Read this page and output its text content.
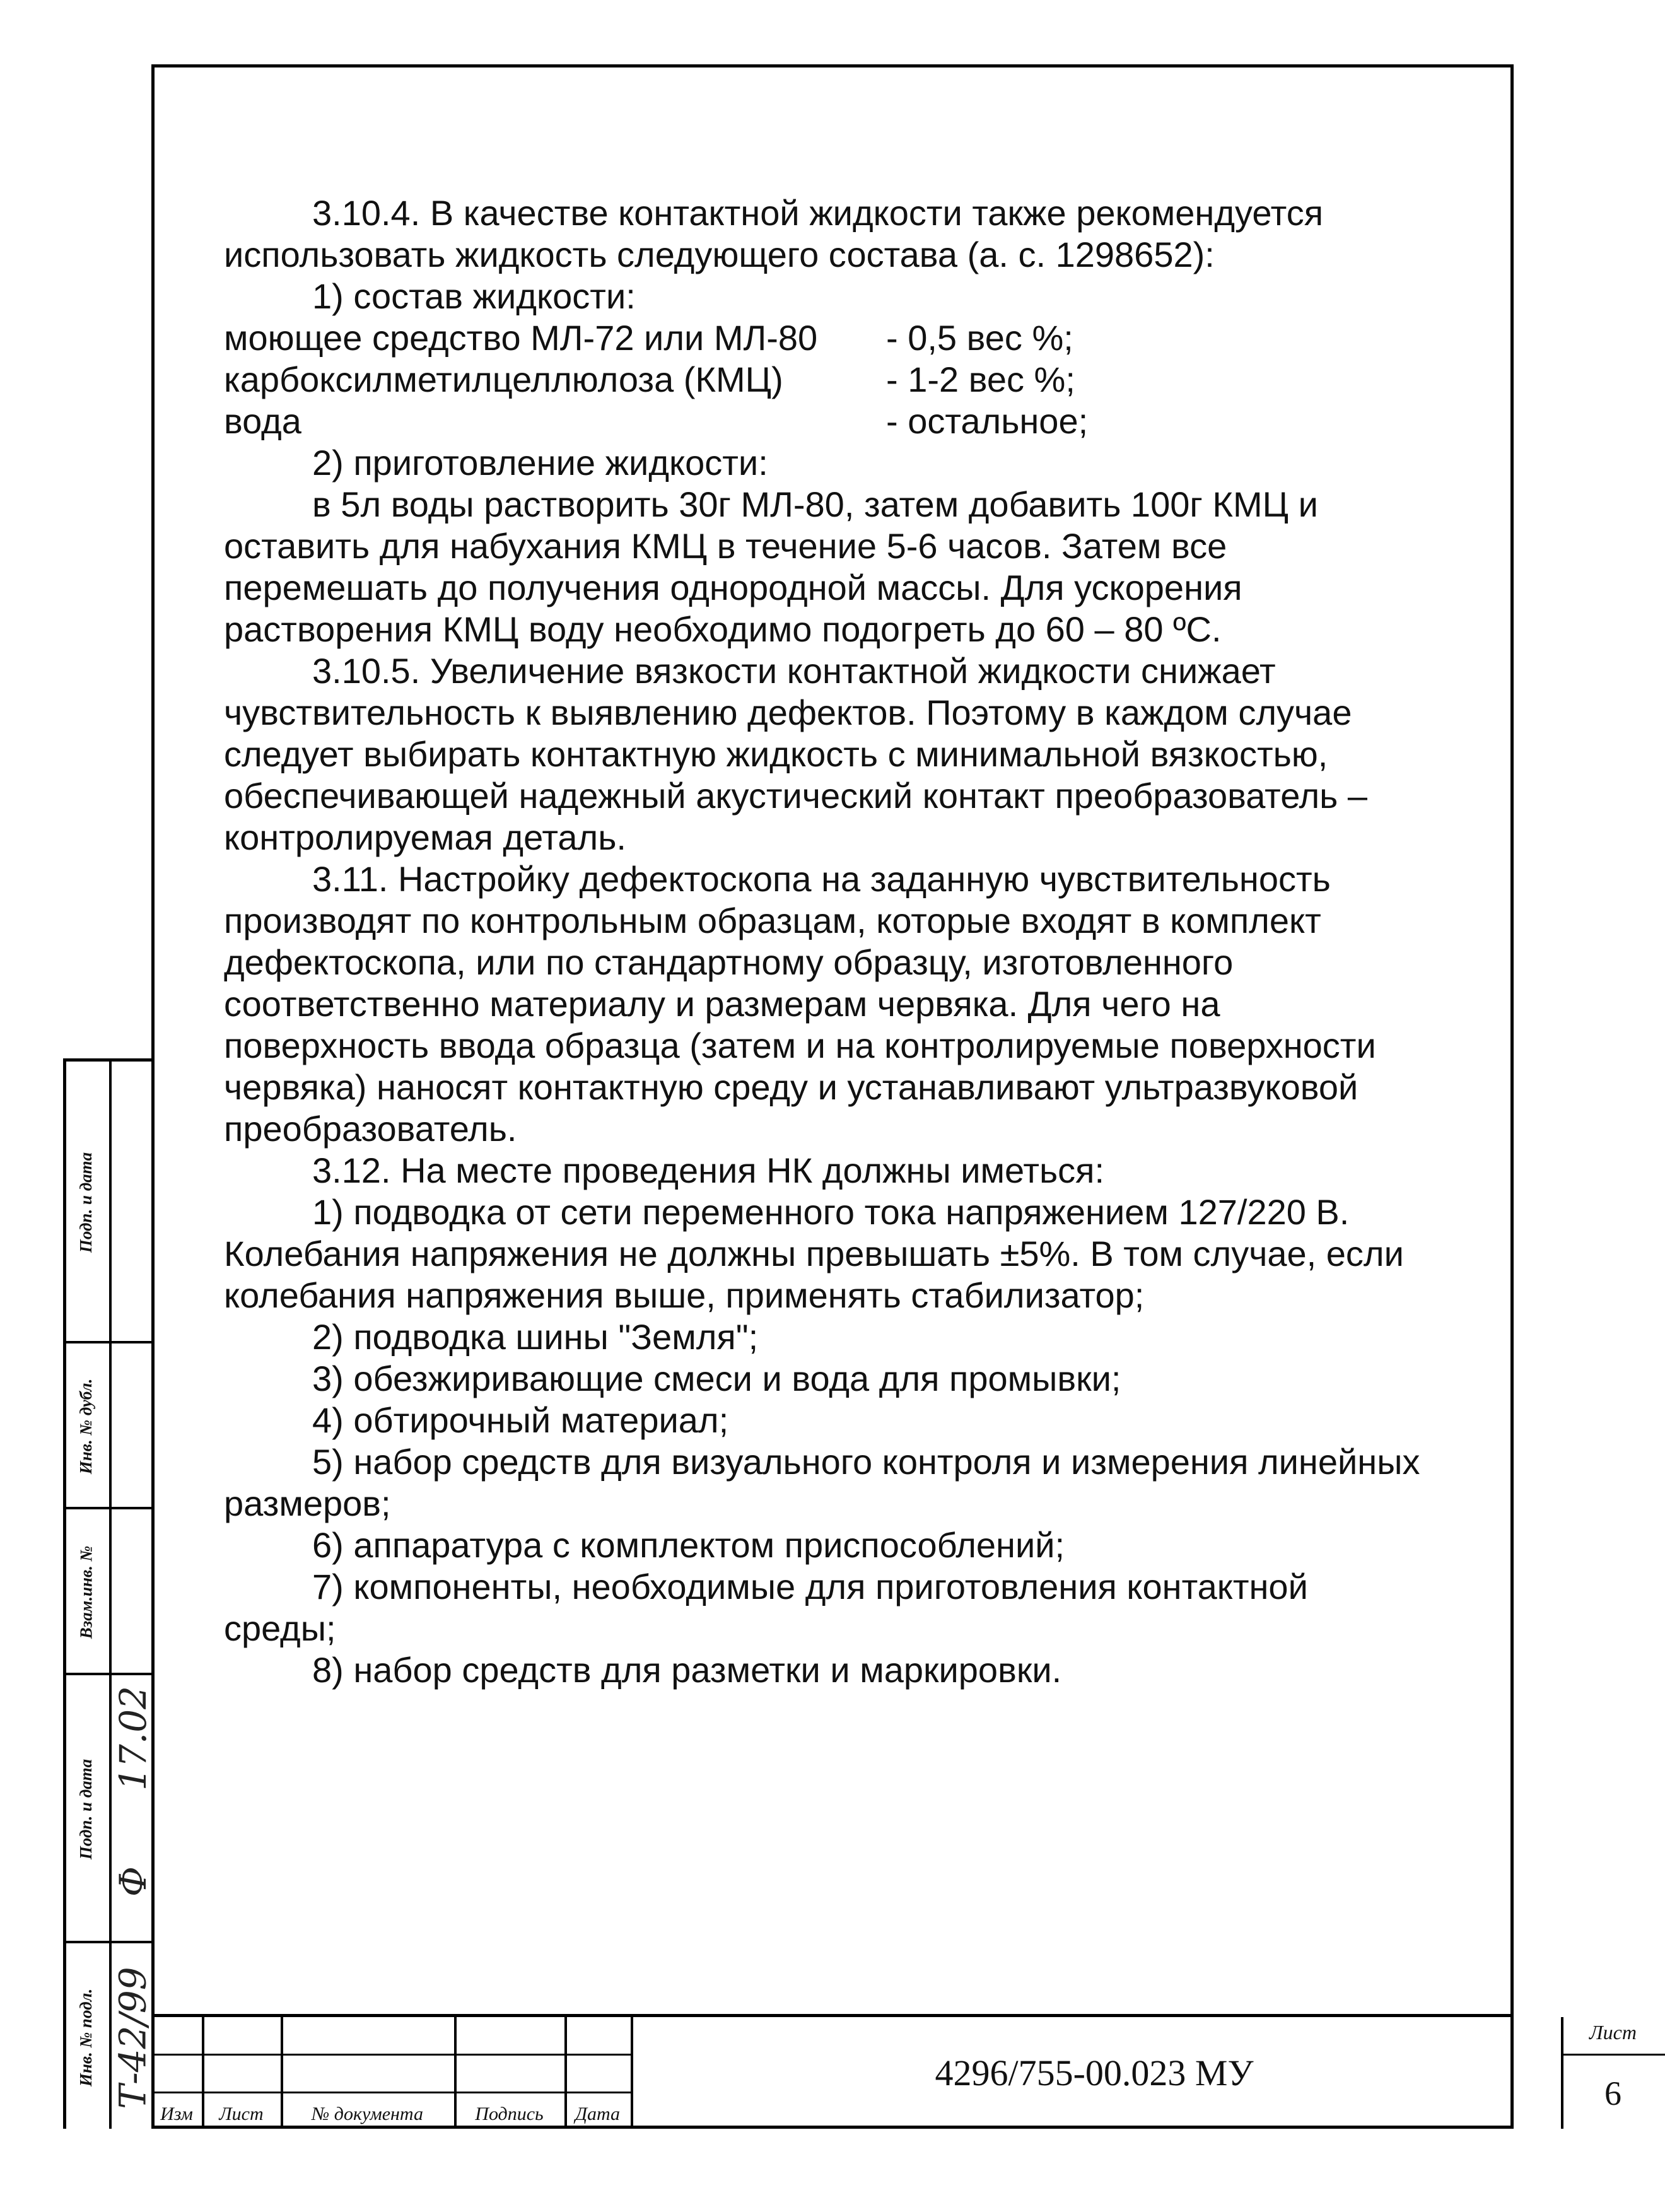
3.10.4. В качестве контактной жидкости также рекомендуется использовать жидкость следующего состава (а. с. 1298652):

1) состав жидкости:

моющее средство МЛ-72 или МЛ-80	- 0,5 вес %;
карбоксилметилцеллюлоза (КМЦ)	- 1-2 вес %;
вода	- остальное;

2) приготовление жидкости:

в 5л воды растворить 30г МЛ-80, затем добавить 100г КМЦ и оставить для набухания КМЦ в течение 5-6 часов. Затем все перемешать до получения однородной массы. Для ускорения растворения КМЦ воду необходимо подогреть до 60 – 80 ºС.

3.10.5. Увеличение вязкости контактной жидкости снижает чувствительность к выявлению дефектов. Поэтому в каждом случае следует выбирать контактную жидкость с минимальной вязкостью, обеспечивающей надежный акустический контакт преобразователь – контролируемая деталь.

3.11. Настройку дефектоскопа на заданную чувствительность производят по контрольным образцам, которые входят в комплект дефектоскопа, или по стандартному образцу, изготовленного соответственно материалу и размерам червяка. Для чего на поверхность ввода образца (затем и на контролируемые поверхности червяка) наносят контактную среду и устанавливают ультразвуковой преобразователь.

3.12. На месте проведения НК должны иметься:

1) подводка от сети переменного тока напряжением 127/220 В. Колебания напряжения не должны превышать ±5%. В том случае, если колебания напряжения выше, применять стабилизатор;

2) подводка шины "Земля";

3) обезжиривающие смеси и вода для промывки;

4) обтирочный материал;

5) набор средств для визуального контроля и измерения линейных размеров;

6) аппаратура с комплектом приспособлений;

7) компоненты, необходимые для приготовления контактной среды;

8) набор средств для разметки и маркировки.

Подп. и дата
Инв. № дубл.
Взам.инв. №
Подп. и дата
17.02
Ф
Инв. № подл. Т-42/99
Изм	Лист	№ документа	Подпись	Дата
4296/755-00.023 МУ
Лист
6
